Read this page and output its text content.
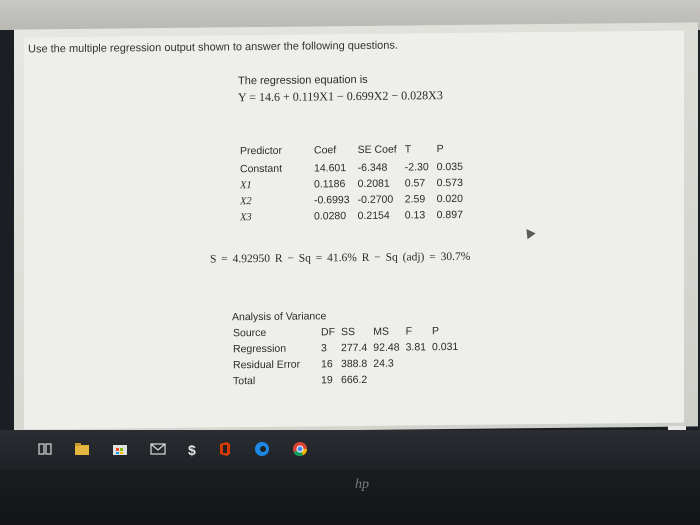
Use the multiple regression output shown to answer the following questions.
The regression equation is
Y = 14.6 + 0.119X1 − 0.699X2 − 0.028X3
Predictor	Coef	SE Coef	T	P
Constant	14.601	-6.348	-2.30	0.035
X1	0.1186	0.2081	0.57	0.573
X2	-0.6993	-0.2700	2.59	0.020
X3	0.0280	0.2154	0.13	0.897
S = 4.92950 R − Sq = 41.6% R − Sq (adj) = 30.7%
Analysis of Variance
Source	DF	SS	MS	F	P
Regression	3	277.4	92.48	3.81	0.031
Residual Error	16	388.8	24.3		
Total	19	666.2			
$
hp
